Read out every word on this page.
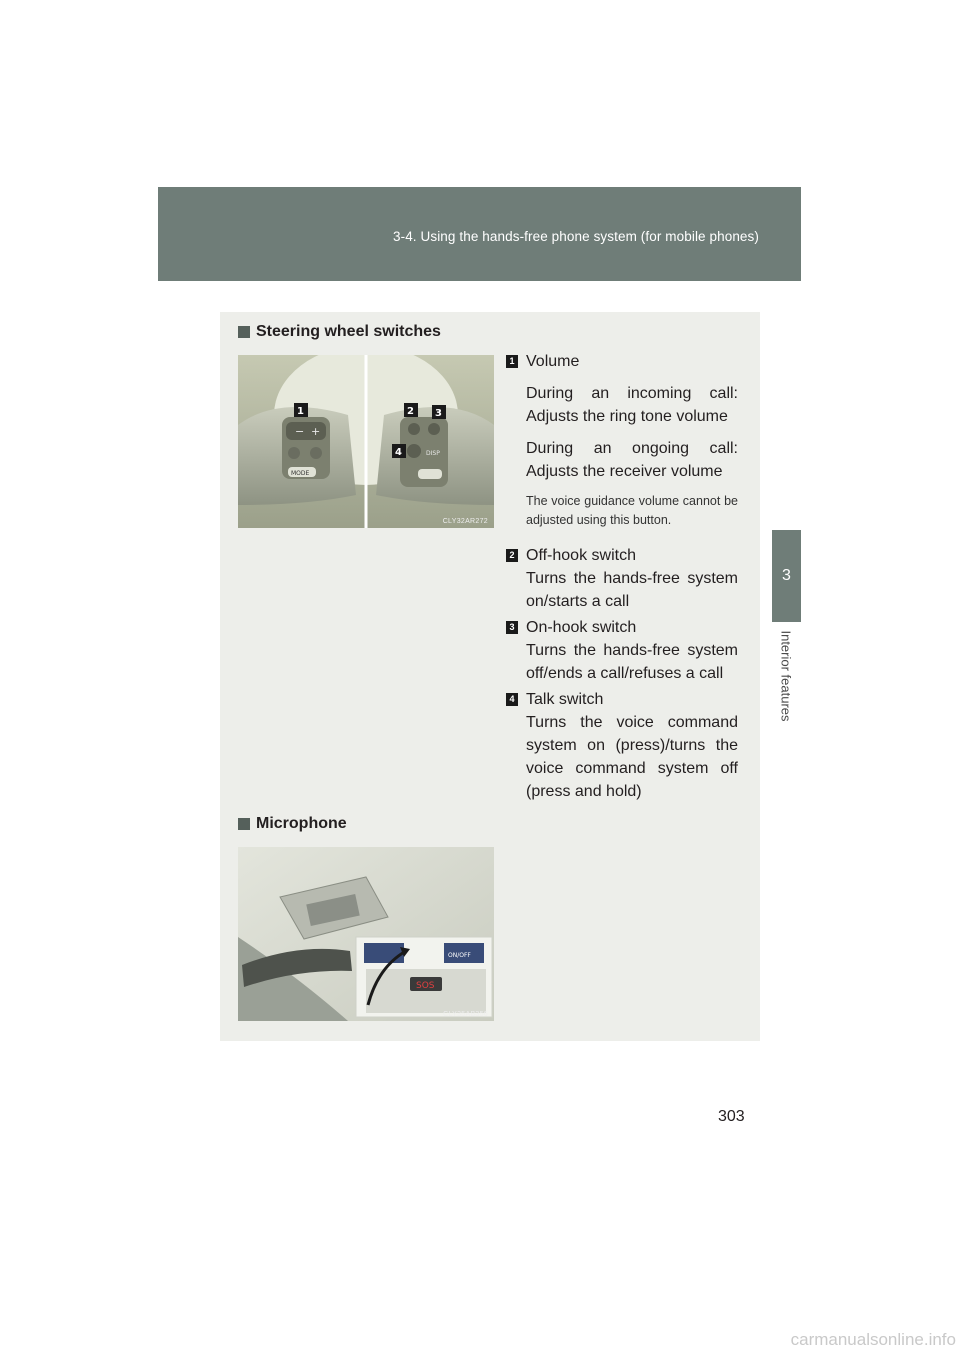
3-4. Using the hands-free phone system (for mobile phones)
3
Interior features
Steering wheel switches
− +
MODE
DISP
1	2 3
4
CLY32AR272
1 Volume
During an incoming call: Adjusts the ring tone volume
During an ongoing call: Adjusts the receiver volume
The voice guidance volume cannot be adjusted using this button.
2 Off-hook switch
Turns the hands-free system on/starts a call
3 On-hook switch
Turns the hands-free system off/ends a call/refuses a call
4 Talk switch
Turns the voice command system on (press)/turns the voice command system off (press and hold)
Microphone
ON/OFF
SOS
CLY35AB356
303
carmanualsonline.info
